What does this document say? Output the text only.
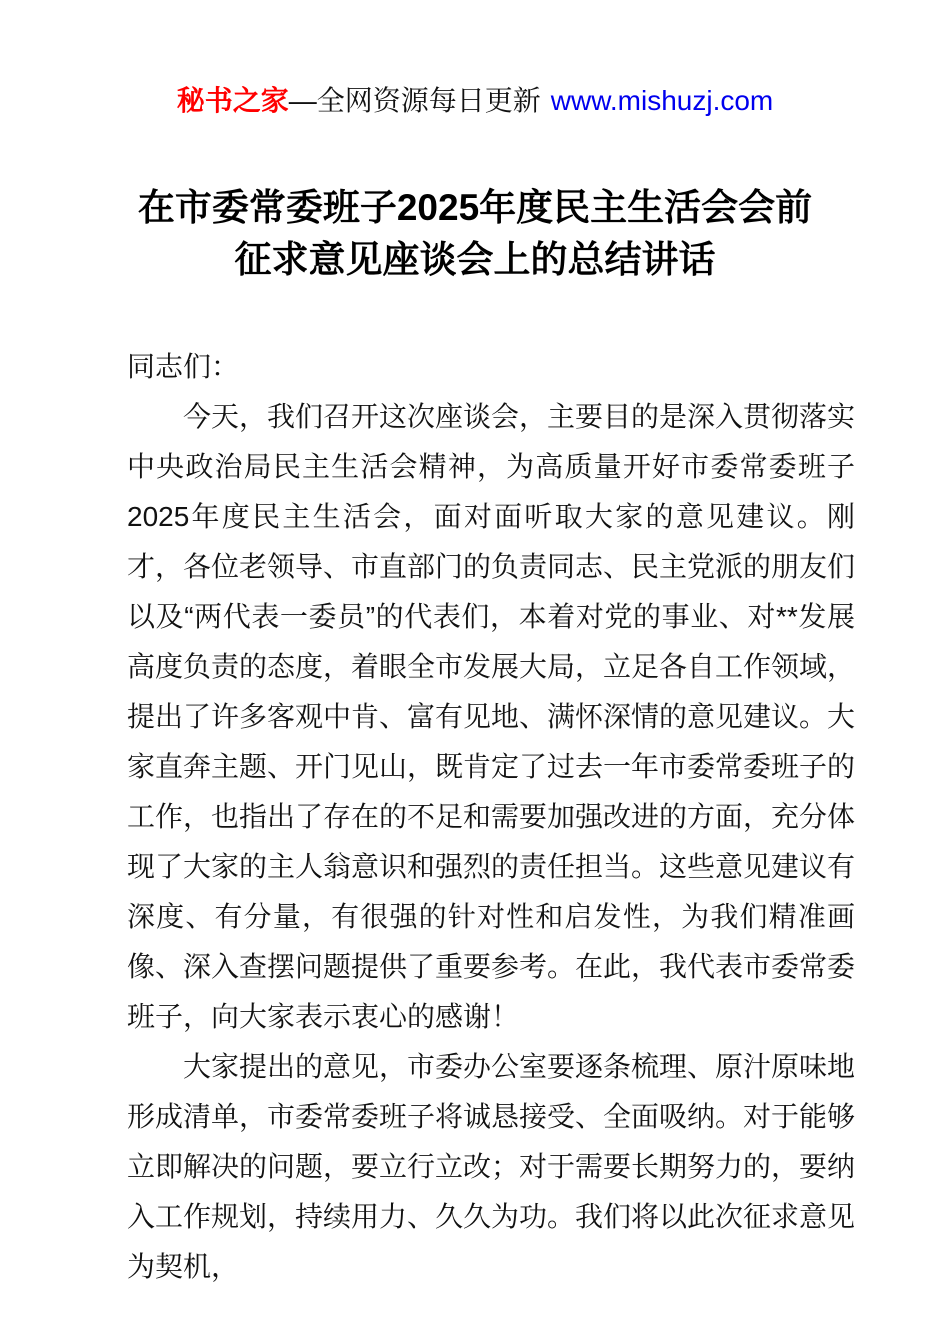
秘书之家—全网资源每日更新 www.mishuzj.com
在市委常委班子2025年度民主生活会会前
征求意见座谈会上的总结讲话

同志们：

今天，我们召开这次座谈会，主要目的是深入贯彻落实中央政治局民主生活会精神，为高质量开好市委常委班子2025年度民主生活会，面对面听取大家的意见建议。刚才，各位老领导、市直部门的负责同志、民主党派的朋友们以及“两代表一委员”的代表们，本着对党的事业、对**发展高度负责的态度，着眼全市发展大局，立足各自工作领域，提出了许多客观中肯、富有见地、满怀深情的意见建议。大家直奔主题、开门见山，既肯定了过去一年市委常委班子的工作，也指出了存在的不足和需要加强改进的方面，充分体现了大家的主人翁意识和强烈的责任担当。这些意见建议有深度、有分量，有很强的针对性和启发性，为我们精准画像、深入查摆问题提供了重要参考。在此，我代表市委常委班子，向大家表示衷心的感谢！

大家提出的意见，市委办公室要逐条梳理、原汁原味地形成清单，市委常委班子将诚恳接受、全面吸纳。对于能够立即解决的问题，要立行立改；对于需要长期努力的，要纳入工作规划，持续用力、久久为功。我们将以此次征求意见为契机，
